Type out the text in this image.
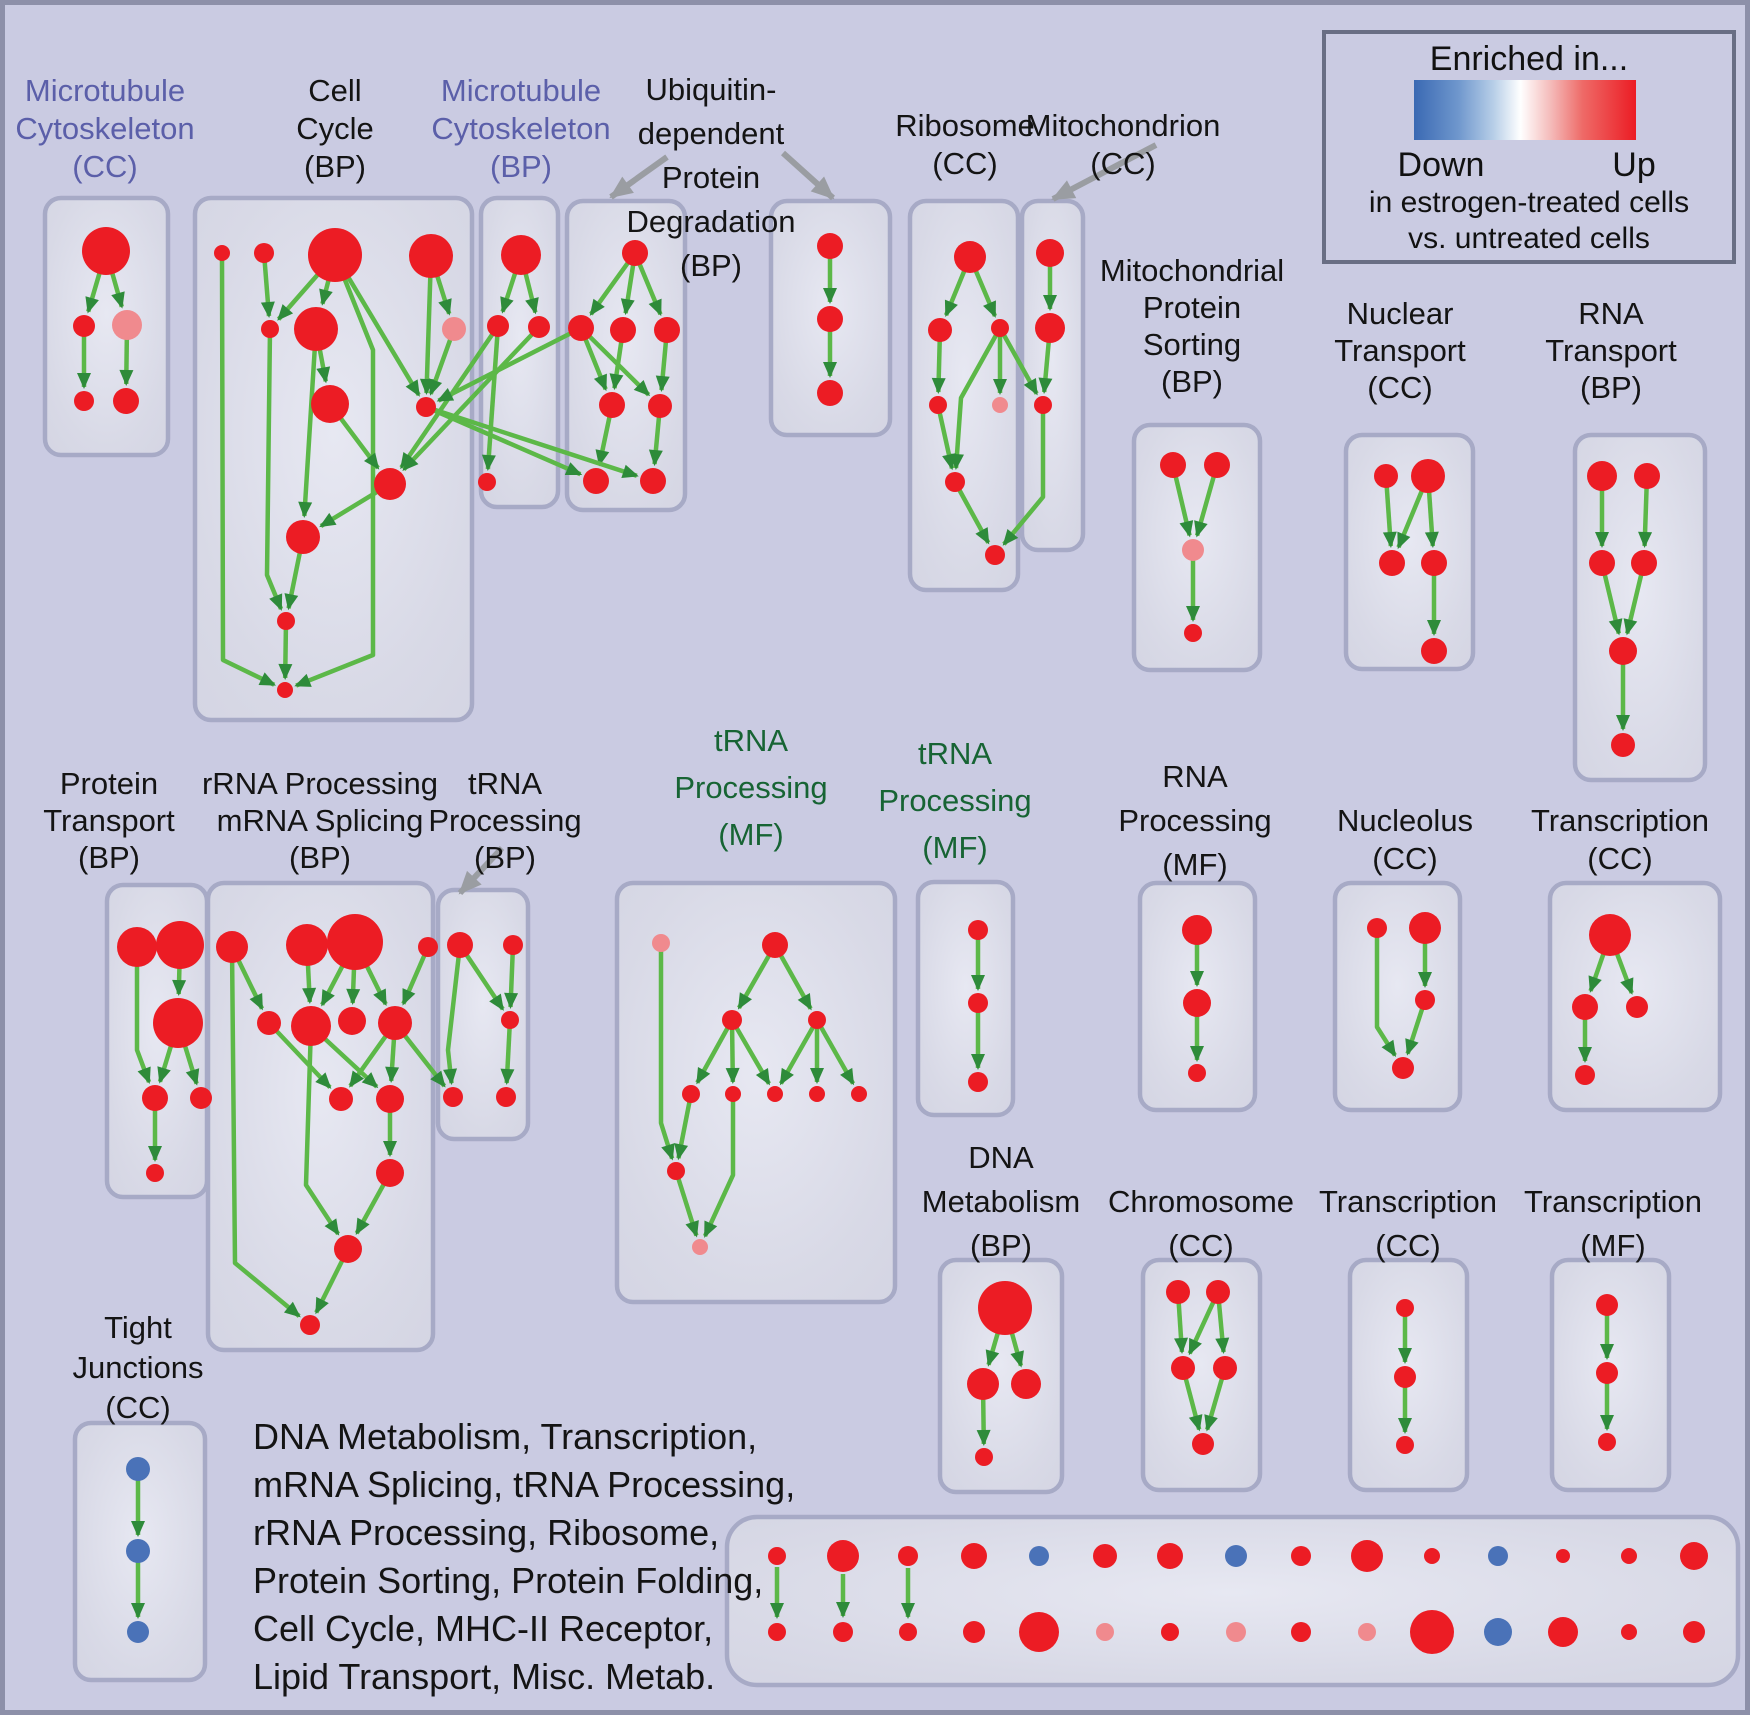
Microtubule
Cytoskeleton
(CC)
Cell
Cycle
(BP)
Microtubule
Cytoskeleton
(BP)
Ubiquitin-
dependent
Protein
Degradation
(BP)
Ribosome
(CC)
Mitochondrion
(CC)
Mitochondrial
Protein
Sorting
(BP)
Nuclear
Transport
(CC)
RNA
Transport
(BP)
Protein
Transport
(BP)
rRNA Processing
mRNA Splicing
(BP)
tRNA
Processing
(BP)
tRNA
Processing
(MF)
tRNA
Processing
(MF)
RNA
Processing
(MF)
Nucleolus
(CC)
Transcription
(CC)
DNA
Metabolism
(BP)
Chromosome
(CC)
Transcription
(CC)
Transcription
(MF)
Tight
Junctions
(CC)
DNA Metabolism, Transcription,
mRNA Splicing, tRNA Processing,
rRNA Processing, Ribosome,
Protein Sorting, Protein Folding,
Cell Cycle, MHC-II Receptor,
Lipid Transport, Misc. Metab.
Enriched in...
Down	Up
in estrogen-treated cells
vs. untreated cells
